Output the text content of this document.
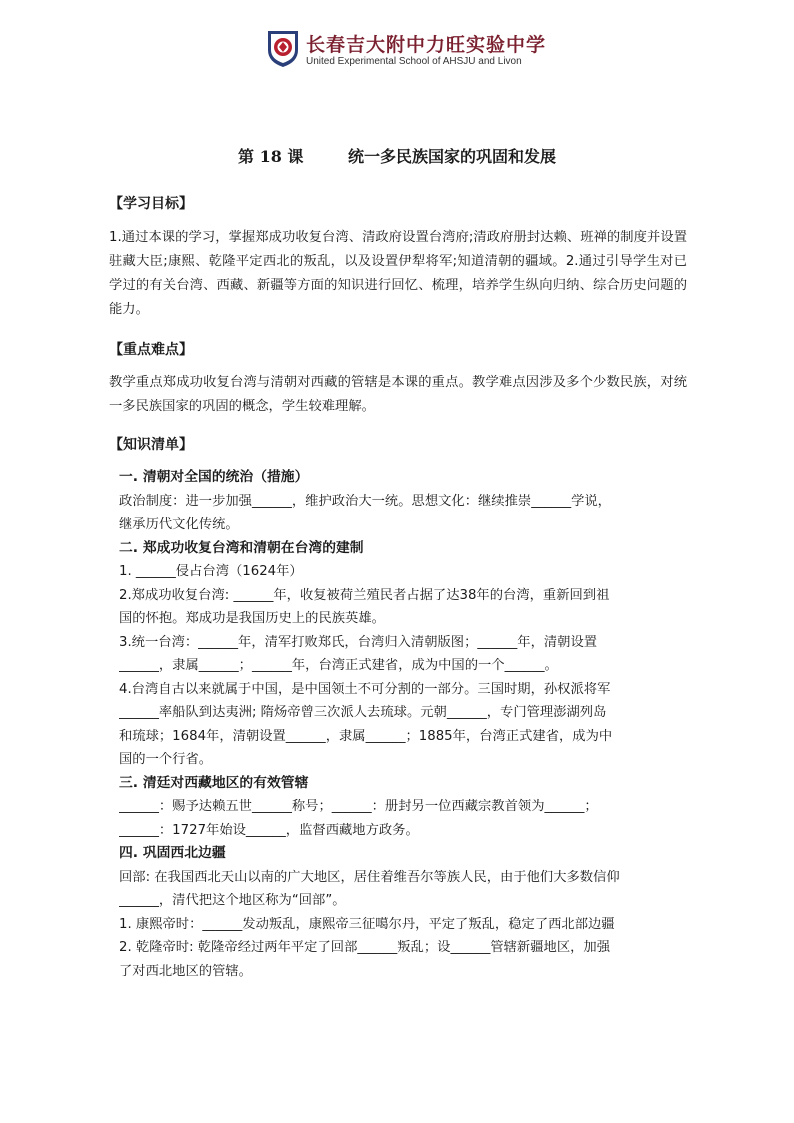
长春吉大附中力旺实验中学
United Experimental School of AHSJU and Livon
第 18 课        统一多民族国家的巩固和发展
【学习目标】
1.通过本课的学习，掌握郑成功收复台湾、清政府设置台湾府;清政府册封达赖、班禅的制度并设置驻藏大臣;康熙、乾隆平定西北的叛乱，以及设置伊犁将军;知道清朝的疆域。2.通过引导学生对已学过的有关台湾、西藏、新疆等方面的知识进行回忆、梳理，培养学生纵向归纳、综合历史问题的能力。
【重点难点】
教学重点郑成功收复台湾与清朝对西藏的管辖是本课的重点。教学难点因涉及多个少数民族，对统一多民族国家的巩固的概念，学生较难理解。
【知识清单】
一. 清朝对全国的统治（措施）
政治制度：进一步加强______，维护政治大一统。思想文化：继续推崇______学说，
继承历代文化传统。
二. 郑成功收复台湾和清朝在台湾的建制
1. ______侵占台湾（1624年）
2.郑成功收复台湾: ______年，收复被荷兰殖民者占据了达38年的台湾，重新回到祖
国的怀抱。郑成功是我国历史上的民族英雄。
3.统一台湾：______年，清军打败郑氏，台湾归入清朝版图；______年，清朝设置
______，隶属______；______年，台湾正式建省，成为中国的一个______。
4.台湾自古以来就属于中国，是中国领土不可分割的一部分。三国时期，孙权派将军
______率船队到达夷洲; 隋炀帝曾三次派人去琉球。元朝______，专门管理澎湖列岛
和琉球；1684年，清朝设置______，隶属______；1885年，台湾正式建省，成为中
国的一个行省。
三. 清廷对西藏地区的有效管辖
______：赐予达赖五世______称号；______：册封另一位西藏宗教首领为______；
______：1727年始设______，监督西藏地方政务。
四. 巩固西北边疆
回部: 在我国西北天山以南的广大地区，居住着维吾尔等族人民，由于他们大多数信仰
______，清代把这个地区称为“回部”。
1. 康熙帝时：______发动叛乱，康熙帝三征噶尔丹，平定了叛乱，稳定了西北部边疆
2. 乾隆帝时: 乾隆帝经过两年平定了回部______叛乱；设______管辖新疆地区，加强
了对西北地区的管辖。
